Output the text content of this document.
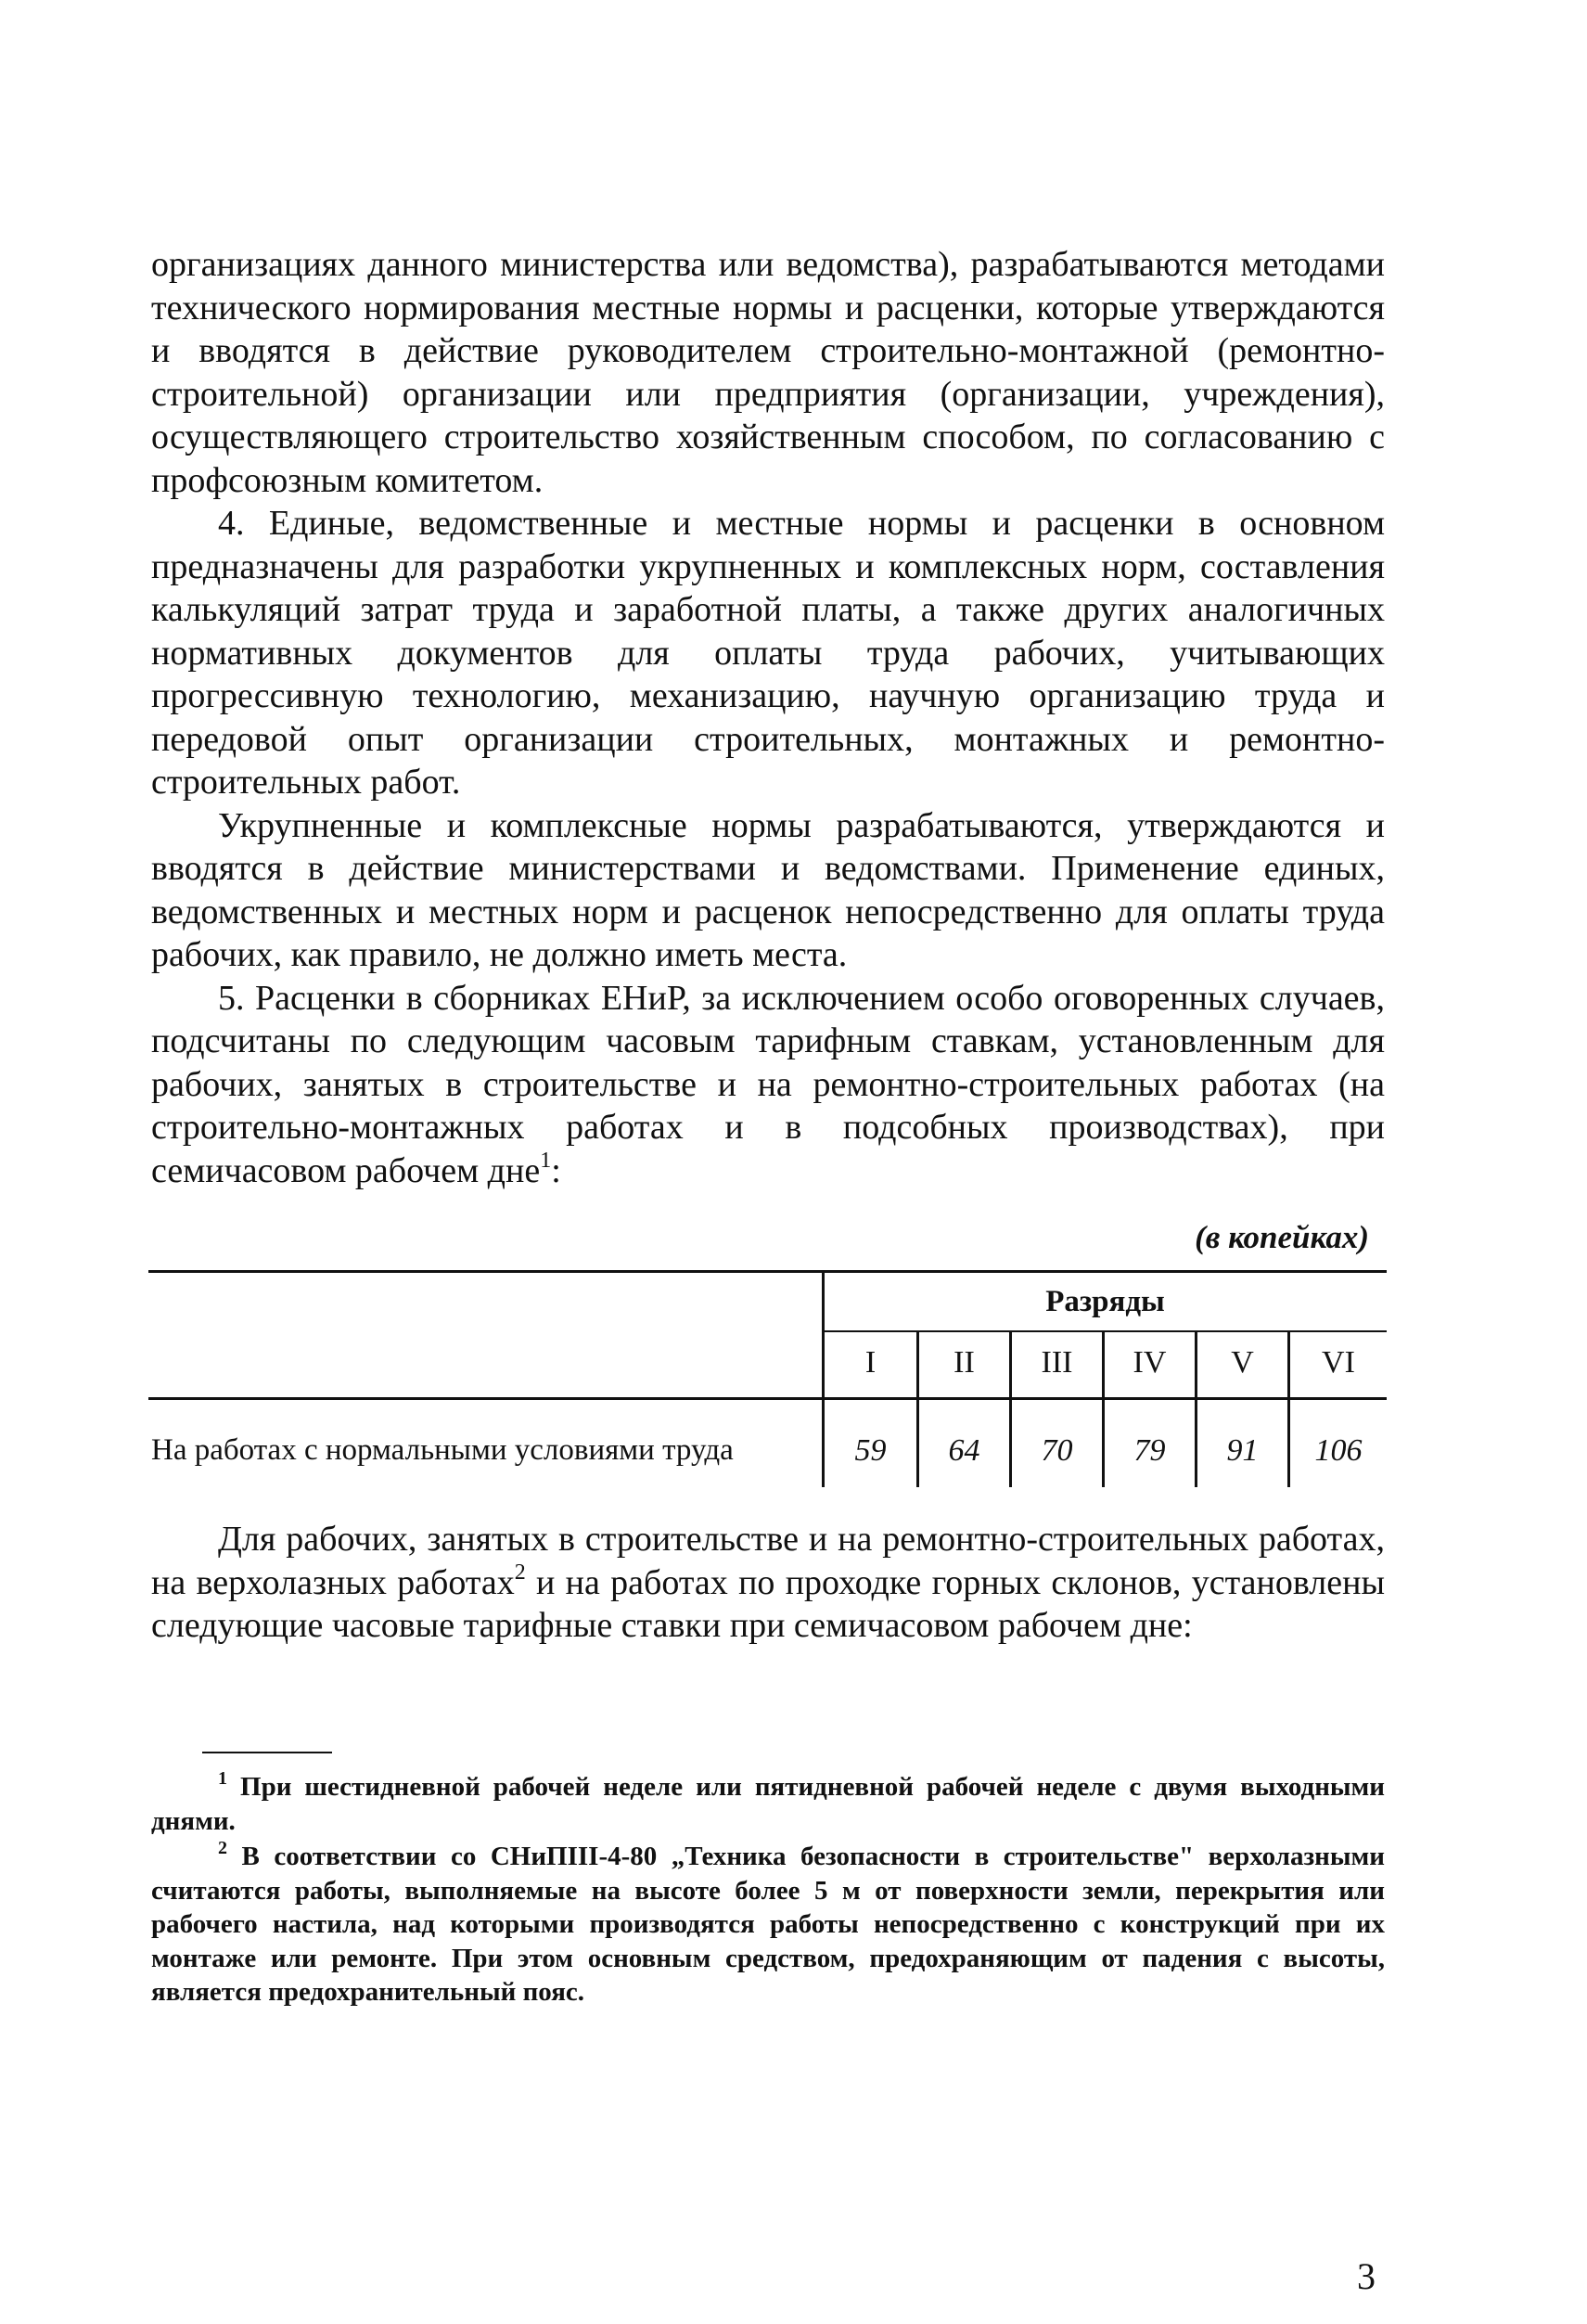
организациях данного министерства или ведомства), разрабатываются методами технического нормирования местные нормы и расценки, которые утверждаются и вводятся в действие руководителем строительно-монтажной (ремонтно-строительной) организации или предприятия (организации, учреждения), осуществляющего строительство хозяйственным способом, по согласованию с профсоюзным комитетом.

4. Единые, ведомственные и местные нормы и расценки в основном предназначены для разработки укрупненных и комплексных норм, составления калькуляций затрат труда и заработной платы, а также других аналогичных нормативных документов для оплаты труда рабочих, учитывающих прогрессивную технологию, механизацию, научную организацию труда и передовой опыт организации строительных, монтажных и ремонтно-строительных работ.

Укрупненные и комплексные нормы разрабатываются, утверждаются и вводятся в действие министерствами и ведомствами. Применение единых, ведомственных и местных норм и расценок непосредственно для оплаты труда рабочих, как правило, не должно иметь места.

5. Расценки в сборниках ЕНиР, за исключением особо оговоренных случаев, подсчитаны по следующим часовым тарифным ставкам, установленным для рабочих, занятых в строительстве и на ремонтно-строительных работах (на строительно-монтажных работах и в подсобных производствах), при семичасовом рабочем дне$^1$:

(в копейках)
Разряды
I	II	III	IV	V	VI
На работах с нормальными условиями труда	59	64	70	79	91	106

Для рабочих, занятых в строительстве и на ремонтно-строительных работах, на верхолазных работах$^2$ и на работах по проходке горных склонов, установлены следующие часовые тарифные ставки при семичасовом рабочем дне:

$^1$ При шестидневной рабочей неделе или пятидневной рабочей неделе с двумя выходными днями.

$^2$ В соответствии со СНиПIII-4-80 „Техника безопасности в строительстве" верхолазными считаются работы, выполняемые на высоте более 5 м от поверхности земли, перекрытия или рабочего настила, над которыми производятся работы непосредственно с конструкций при их монтаже или ремонте. При этом основным средством, предохраняющим от падения с высоты, является предохранительный пояс.

3
